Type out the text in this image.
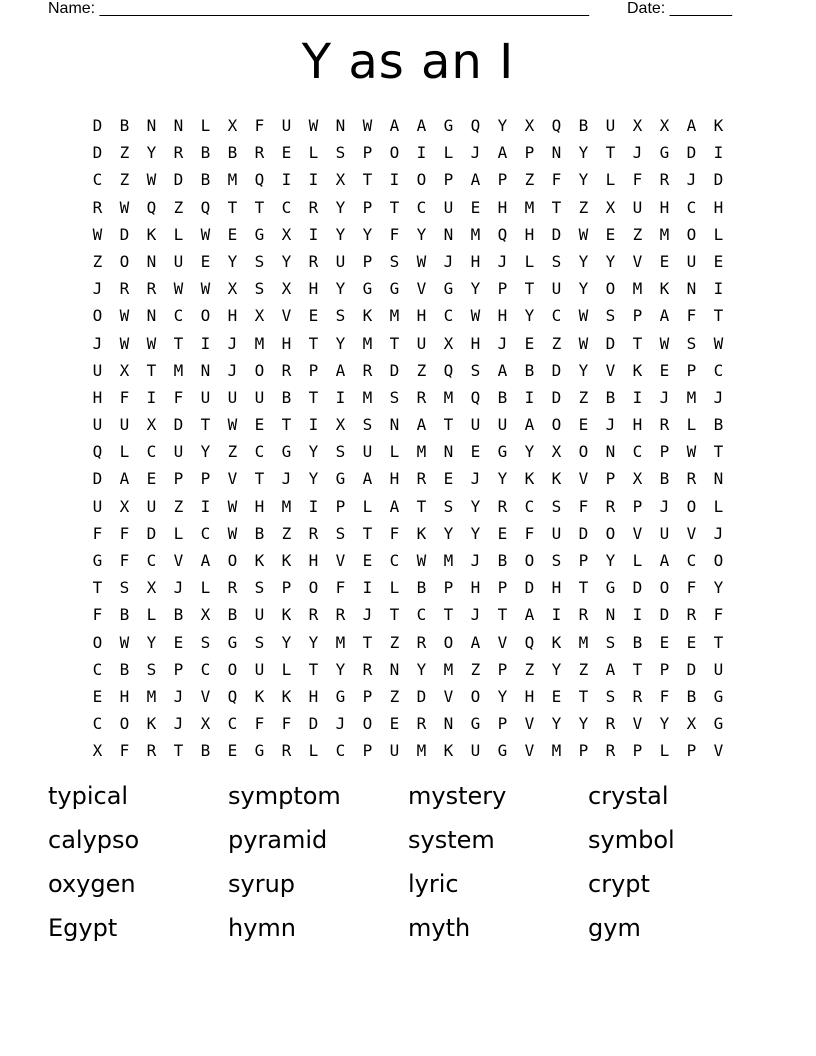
Name: _______________________________________________________ Date: _______
Y as an I
D	B	N	N	L	X	F	U	W	N	W	A	A	G	Q	Y	X	Q	B	U	X	X	A	K
D	Z	Y	R	B	B	R	E	L	S	P	O	I	L	J	A	P	N	Y	T	J	G	D	I
C	Z	W	D	B	M	Q	I	I	X	T	I	O	P	A	P	Z	F	Y	L	F	R	J	D
R	W	Q	Z	Q	T	T	C	R	Y	P	T	C	U	E	H	M	T	Z	X	U	H	C	H
W	D	K	L	W	E	G	X	I	Y	Y	F	Y	N	M	Q	H	D	W	E	Z	M	O	L
Z	O	N	U	E	Y	S	Y	R	U	P	S	W	J	H	J	L	S	Y	Y	V	E	U	E
J	R	R	W	W	X	S	X	H	Y	G	G	V	G	Y	P	T	U	Y	O	M	K	N	I
O	W	N	C	O	H	X	V	E	S	K	M	H	C	W	H	Y	C	W	S	P	A	F	T
J	W	W	T	I	J	M	H	T	Y	M	T	U	X	H	J	E	Z	W	D	T	W	S	W
U	X	T	M	N	J	O	R	P	A	R	D	Z	Q	S	A	B	D	Y	V	K	E	P	C
H	F	I	F	U	U	U	B	T	I	M	S	R	M	Q	B	I	D	Z	B	I	J	M	J
U	U	X	D	T	W	E	T	I	X	S	N	A	T	U	U	A	O	E	J	H	R	L	B
Q	L	C	U	Y	Z	C	G	Y	S	U	L	M	N	E	G	Y	X	O	N	C	P	W	T
D	A	E	P	P	V	T	J	Y	G	A	H	R	E	J	Y	K	K	V	P	X	B	R	N
U	X	U	Z	I	W	H	M	I	P	L	A	T	S	Y	R	C	S	F	R	P	J	O	L
F	F	D	L	C	W	B	Z	R	S	T	F	K	Y	Y	E	F	U	D	O	V	U	V	J
G	F	C	V	A	O	K	K	H	V	E	C	W	M	J	B	O	S	P	Y	L	A	C	O
T	S	X	J	L	R	S	P	O	F	I	L	B	P	H	P	D	H	T	G	D	O	F	Y
F	B	L	B	X	B	U	K	R	R	J	T	C	T	J	T	A	I	R	N	I	D	R	F
O	W	Y	E	S	G	S	Y	Y	M	T	Z	R	O	A	V	Q	K	M	S	B	E	E	T
C	B	S	P	C	O	U	L	T	Y	R	N	Y	M	Z	P	Z	Y	Z	A	T	P	D	U
E	H	M	J	V	Q	K	K	H	G	P	Z	D	V	O	Y	H	E	T	S	R	F	B	G
C	O	K	J	X	C	F	F	D	J	O	E	R	N	G	P	V	Y	Y	R	V	Y	X	G
X	F	R	T	B	E	G	R	L	C	P	U	M	K	U	G	V	M	P	R	P	L	P	V
typical	symptom	mystery	crystal
calypso	pyramid	system	symbol
oxygen	syrup	lyric	crypt
Egypt	hymn	myth	gym
